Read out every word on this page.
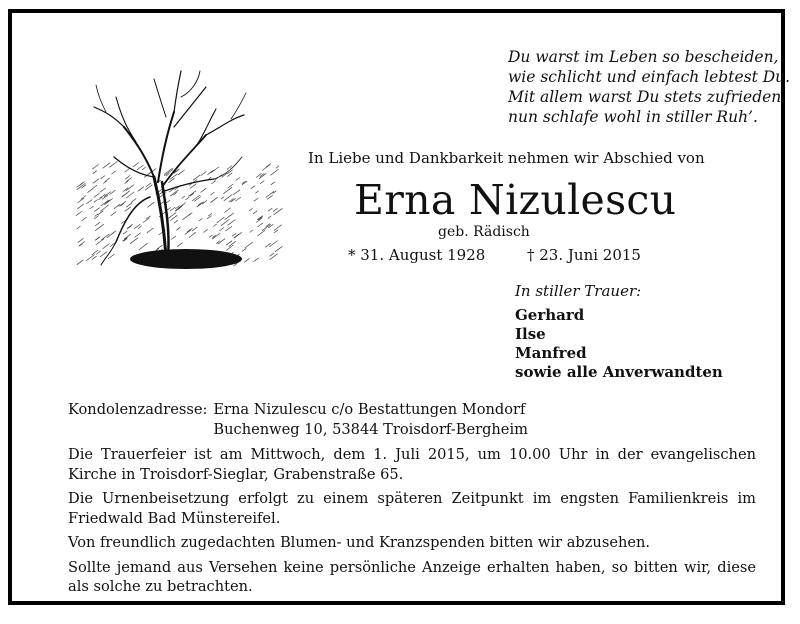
Du warst im Leben so bescheiden,
wie schlicht und einfach lebtest Du.
Mit allem warst Du stets zufrieden,
nun schlafe wohl in stiller Ruh’.
In Liebe und Dankbarkeit nehmen wir Abschied von
Erna Nizulescu
geb. Rädisch
* 31. August 1928	† 23. Juni 2015
In stiller Trauer:
Gerhard
Ilse
Manfred
sowie alle Anverwandten
Kondolenzadresse: Erna Nizulescu c/o Bestattungen Mondorf
Buchenweg 10, 53844 Troisdorf-Bergheim

Die Trauerfeier ist am Mittwoch, dem 1. Juli 2015, um 10.00 Uhr in der evangelischen Kirche in Troisdorf-Sieglar, Grabenstraße 65.

Die Urnenbeisetzung erfolgt zu einem späteren Zeitpunkt im engsten Familienkreis im Friedwald Bad Münstereifel.

Von freundlich zugedachten Blumen- und Kranzspenden bitten wir abzusehen.

Sollte jemand aus Versehen keine persönliche Anzeige erhalten haben, so bitten wir, diese als solche zu betrachten.
